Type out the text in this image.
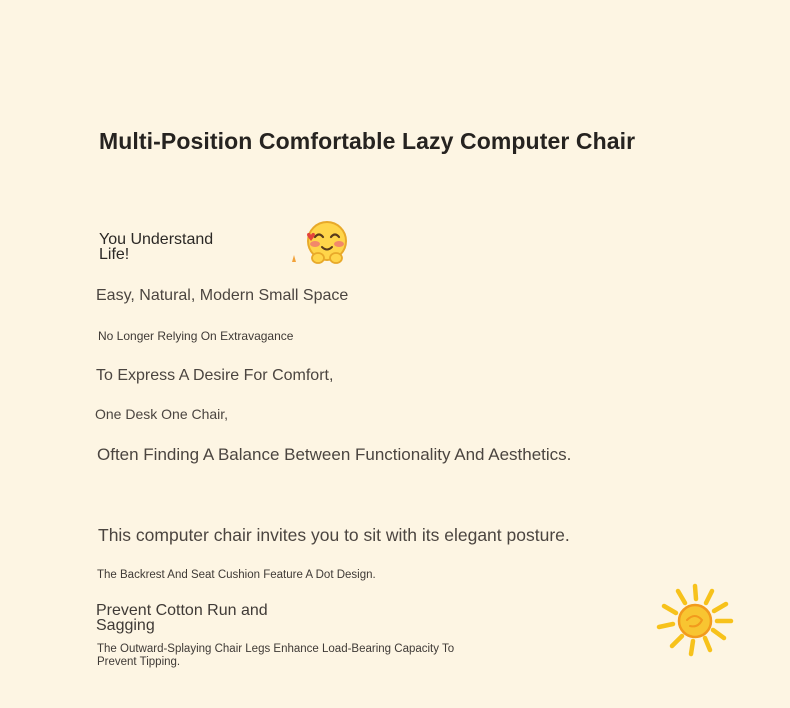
Multi-Position Comfortable Lazy Computer Chair
You Understand
Life!

Easy, Natural, Modern Small Space

No Longer Relying On Extravagance

To Express A Desire For Comfort,

One Desk One Chair,

Often Finding A Balance Between Functionality And Aesthetics.

This computer chair invites you to sit with its elegant posture.

The Backrest And Seat Cushion Feature A Dot Design.

Prevent Cotton Run and
Sagging
The Outward-Splaying Chair Legs Enhance Load-Bearing Capacity To
Prevent Tipping.
